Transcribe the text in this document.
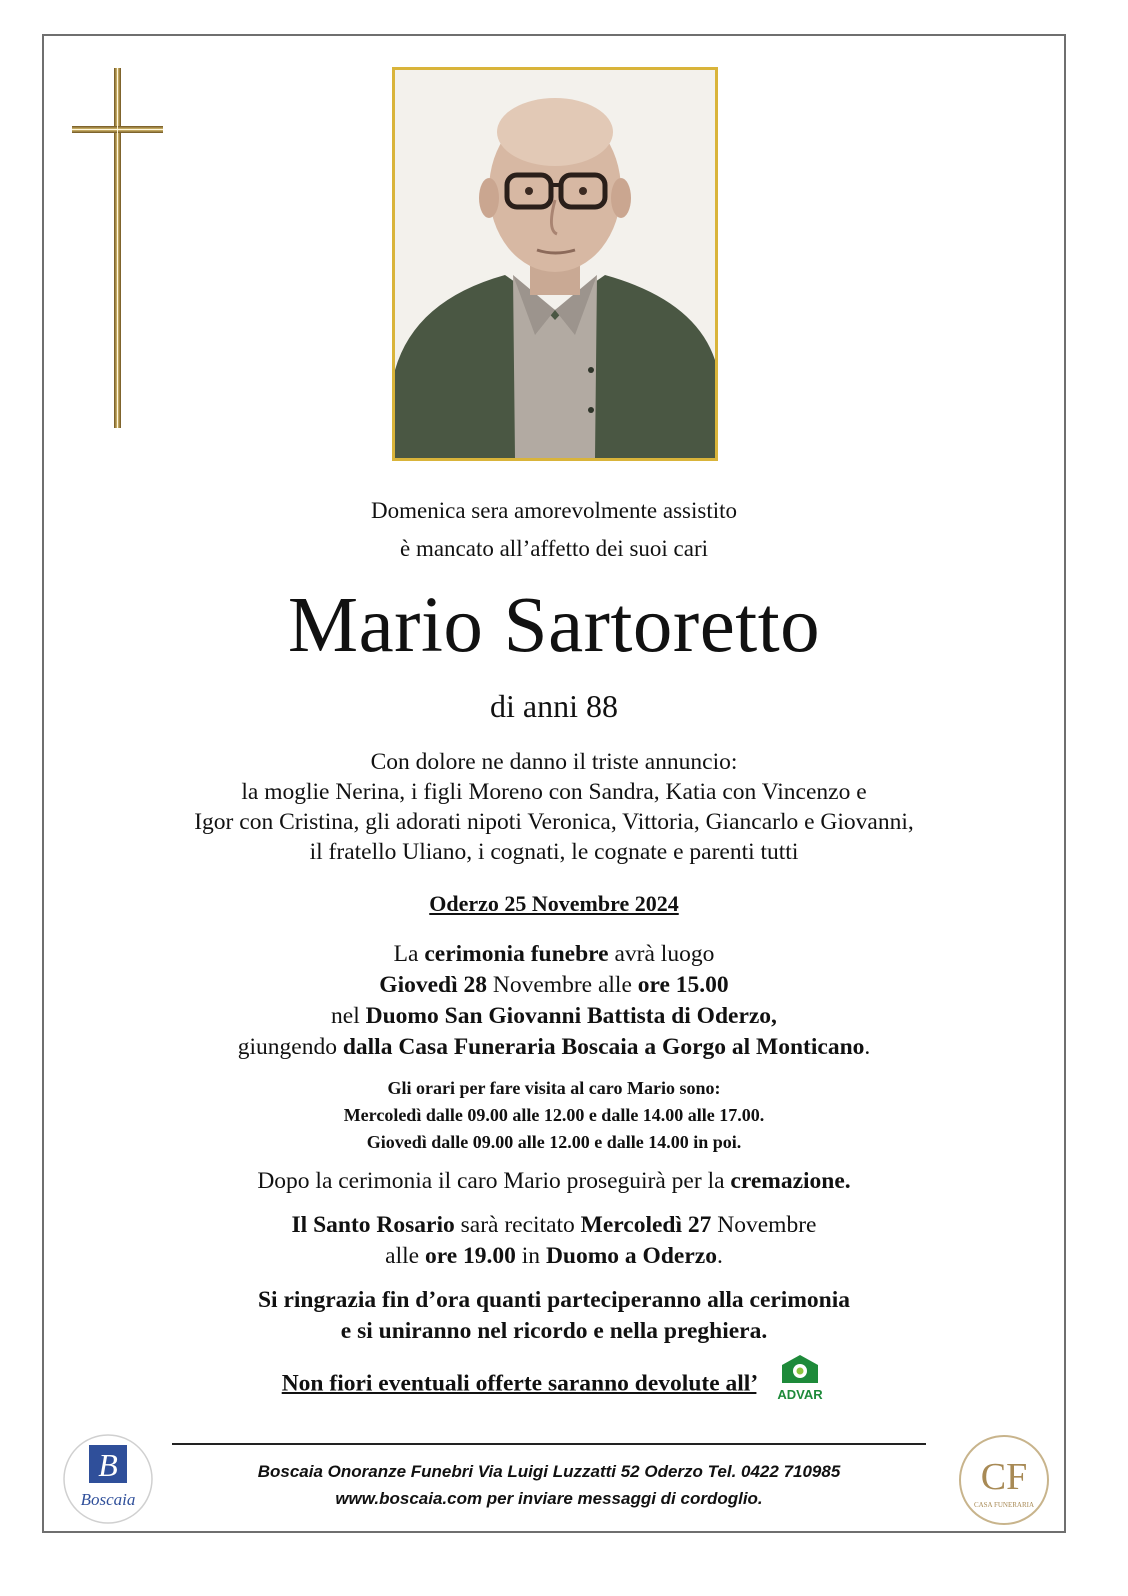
Domenica sera amorevolmente assistito
è mancato all’affetto dei suoi cari
Mario Sartoretto
di anni 88
Con dolore ne danno il triste annuncio:
la moglie Nerina, i figli Moreno con Sandra, Katia con Vincenzo e
Igor con Cristina, gli adorati nipoti Veronica, Vittoria, Giancarlo e Giovanni,
il fratello Uliano, i cognati, le cognate e parenti tutti
Oderzo 25 Novembre 2024
La cerimonia funebre avrà luogo
Giovedì 28 Novembre alle ore 15.00
nel Duomo San Giovanni Battista di Oderzo,
giungendo dalla Casa Funeraria Boscaia a Gorgo al Monticano.
Gli orari per fare visita al caro Mario sono:
Mercoledì dalle 09.00 alle 12.00 e dalle 14.00 alle 17.00.
Giovedì dalle 09.00 alle 12.00 e dalle 14.00 in poi.
Dopo la cerimonia il caro Mario proseguirà per la cremazione.
Il Santo Rosario sarà recitato Mercoledì 27 Novembre
alle ore 19.00 in Duomo a Oderzo.
Si ringrazia fin d’ora quanti parteciperanno alla cerimonia
e si uniranno nel ricordo e nella preghiera.
Non fiori eventuali offerte saranno devolute all’ ADVAR
Boscaia Onoranze Funebri Via Luigi Luzzatti 52 Oderzo Tel. 0422 710985
www.boscaia.com per inviare messaggi di cordoglio.
B
Boscaia
CF
CASA FUNERARIA
